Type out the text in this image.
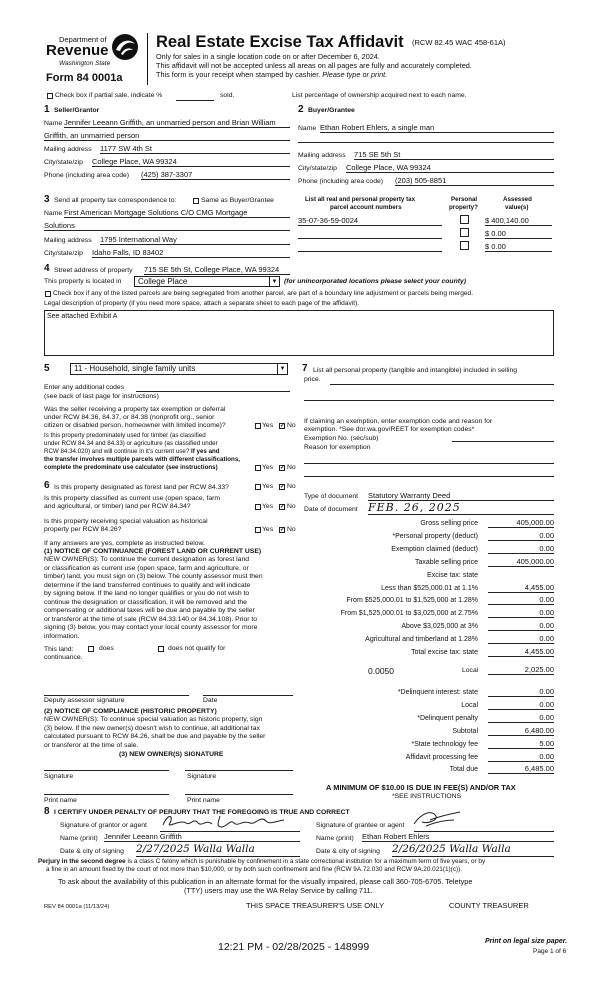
Department of
Revenue
Washington State
Form 84 0001a
Real Estate Excise Tax Affidavit (RCW 82.45 WAC 458-61A)
Only for sales in a single location code on or after December 6, 2024.
This affidavit will not be accepted unless all areas on all pages are fully and accurately completed.
This form is your receipt when stamped by cashier. Please type or print.
Check box if partial sale, indicate %	sold.	List percentage of ownership acquired next to each name.
1 Seller/Grantor
Name Jennifer Leeann Griffith, an unmarried person and Brian William
Griffith, an unmarried person
Mailing address 1177 SW 4th St
City/state/zip College Place, WA 99324
Phone (including area code) (425) 387-3307
2 Buyer/Grantee
Name Ethan Robert Ehlers, a single man
Mailing address 715 SE 5th St
City/state/zip College Place, WA 99324
Phone (including area code) (203) 505-8851
3 Send all property tax correspondence to:	Same as Buyer/Grantee
Name First American Mortgage Solutions C/O CMG Mortgage
Solutions
Mailing address 1795 International Way
City/state/zip Idaho Falls, ID 83402
List all real and personal property tax
parcel account numbers
Personal
property?
Assessed
value(s)
35-07-36-59-0024	$ 400,140.00
$ 0.00
$ 0.00
4 Street address of property 715 SE 5th St, College Place, WA 99324
This property is located in	College Place	▼ (for unincorporated locations please select your county)
Check box if any of the listed parcels are being segregated from another parcel, are part of a boundary line adjustment or parcels being merged.
Legal description of property (if you need more space, attach a separate sheet to each page of the affidavit).
See attached Exhibit A
5	11 - Household, single family units	▼
Enter any additional codes
(see back of last page for instructions)
Was the seller receiving a property tax exemption or deferral
under RCW 84.36, 84.37, or 84.38 (nonprofit org., senior
citizen or disabled person, homeowner with limited income)?	Yes ✓ No
Is this property predominately used for timber (as classified
under RCW 84.34 and 84.33) or agriculture (as classified under
RCW 84.34.020) and will continue in it's current use? If yes and
the transfer involves multiple parcels with different classifications,
complete the predominate use calculator (see instructions)	Yes ✓ No
6 Is this property designated as forest land per RCW 84.33?	Yes ✓ No
Is this property classified as current use (open space, farm
and agricultural, or timber) land per RCW 84.34?	Yes ✓ No
Is this property receiving special valuation as historical
property per RCW 84.26?	Yes ✓ No
If any answers are yes, complete as instructed below.
(1) NOTICE OF CONTINUANCE (FOREST LAND OR CURRENT USE)
NEW OWNER(S): To continue the current designation as forest land
or classification as current use (open space, farm and agriculture, or
timber) land, you must sign on (3) below. The county assessor must then
determine if the land transferred continues to qualify and will indicate
by signing below. If the land no longer qualifies or you do not wish to
continue the designation or classification, it will be removed and the
compensating or additional taxes will be due and payable by the seller
or transferor at the time of sale (RCW 84.33.140 or 84.34.108). Prior to
signing (3) below, you may contact your local county assessor for more
information.
This land:	does	does not qualify for
continuance.
Deputy assessor signature	Date
(2) NOTICE OF COMPLIANCE (HISTORIC PROPERTY)
NEW OWNER(S): To continue special valuation as historic property, sign
(3) below. If the new owner(s) doesn't wish to continue, all additional tax
calculated pursuant to RCW 84.26, shall be due and payable by the seller
or transferor at the time of sale.
(3) NEW OWNER(S) SIGNATURE
Signature	Signature
Print name	Print name
7 List all personal property (tangible and intangible) included in selling
price.
If claiming an exemption, enter exemption code and reason for
exemption. *See dor.wa.gov/REET for exemption codes*
Exemption No. (sec/sub)
Reason for exemption
Type of document Statutory Warranty Deed
Date of document FEB. 26, 2025
Gross selling price	405,000.00
*Personal property (deduct)	0.00
Exemption claimed (deduct)	0.00
Taxable selling price	405,000.00
Excise tax: state
Less than $525,000.01 at 1.1%	4,455.00
From $525,000.01 to $1,525,000 at 1.28%	0.00
From $1,525,000.01 to $3,025,000 at 2.75%	0.00
Above $3,025,000 at 3%	0.00
Agricultural and timberland at 1.28%	0.00
Total excise tax: state	4,455.00
*Delinquent interest: state	0.00
Local	0.00
*Delinquent penalty	0.00
Subtotal	6,480.00
*State technology fee	5.00
Affidavit processing fee	0.00
Total due	6,485.00
0.0050	Local	2,025.00
A MINIMUM OF $10.00 IS DUE IN FEE(S) AND/OR TAX
*SEE INSTRUCTIONS
8 I CERTIFY UNDER PENALTY OF PERJURY THAT THE FOREGOING IS TRUE AND CORRECT
Signature of grantor or agent	Signature of grantee or agent
Name (print) Jennifer Leeann Griffith	Name (print) Ethan Robert Ehlers
Date & city of signing 2/27/2025 Walla Walla	Date & city of signing 2/26/2025 Walla Walla
Perjury in the second degree is a class C felony which is punishable by confinement in a state correctional institution for a maximum term of five years, or by
a fine in an amount fixed by the court of not more than $10,000, or by both such confinement and fine (RCW 9A.72.030 and RCW 9A.20.021(1)(c)).
To ask about the availability of this publication in an alternate format for the visually impaired, please call 360-705-6705. Teletype
(TTY) users may use the WA Relay Service by calling 711.
REV 84 0001a (11/13/24)	THIS SPACE TREASURER'S USE ONLY	COUNTY TREASURER
12:21 PM - 02/28/2025 - 148999	Print on legal size paper.
Page 1 of 6
